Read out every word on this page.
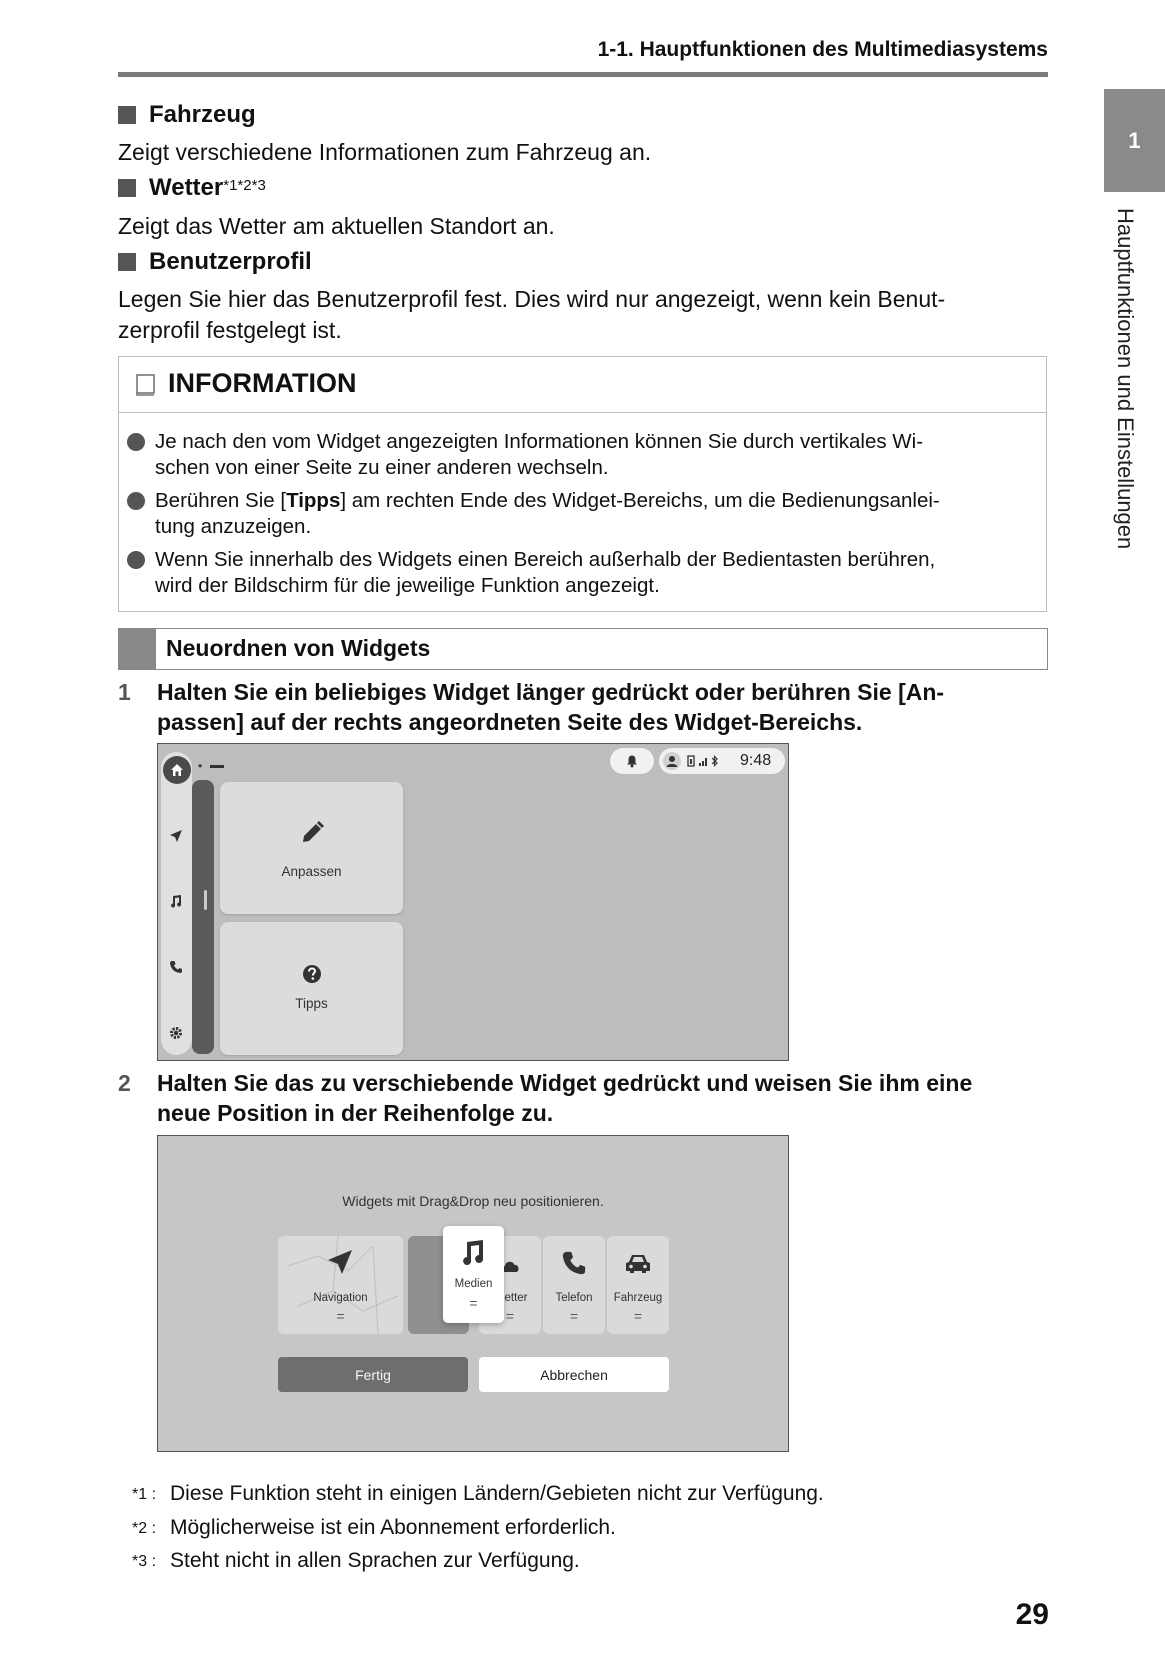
1-1. Hauptfunktionen des Multimediasystems
1
Hauptfunktionen und Einstellungen
Fahrzeug
Zeigt verschiedene Informationen zum Fahrzeug an.
Wetter$^{*1*2*3}$
Zeigt das Wetter am aktuellen Standort an.
Benutzerprofil
Legen Sie hier das Benutzerprofil fest. Dies wird nur angezeigt, wenn kein Benut-
zerprofil festgelegt ist.
INFORMATION
Je nach den vom Widget angezeigten Informationen können Sie durch vertikales Wi-
schen von einer Seite zu einer anderen wechseln.
Berühren Sie [Tipps] am rechten Ende des Widget-Bereichs, um die Bedienungsanlei-
tung anzuzeigen.
Wenn Sie innerhalb des Widgets einen Bereich außerhalb der Bedientasten berühren,
wird der Bildschirm für die jeweilige Funktion angezeigt.
Neuordnen von Widgets
1 Halten Sie ein beliebiges Widget länger gedrückt oder berühren Sie [An-
passen] auf der rechts angeordneten Seite des Widget-Bereichs.
•	9:48
Anpassen
Tipps
2 Halten Sie das zu verschiebende Widget gedrückt und weisen Sie ihm eine
neue Position in der Reihenfolge zu.
Widgets mit Drag&Drop neu positionieren.
Navigation
=
etter
=
Telefon
=
Fahrzeug
=
Medien
=
Fertig	Abbrechen
*1 : Diese Funktion steht in einigen Ländern/Gebieten nicht zur Verfügung.
*2 : Möglicherweise ist ein Abonnement erforderlich.
*3 : Steht nicht in allen Sprachen zur Verfügung.
29
